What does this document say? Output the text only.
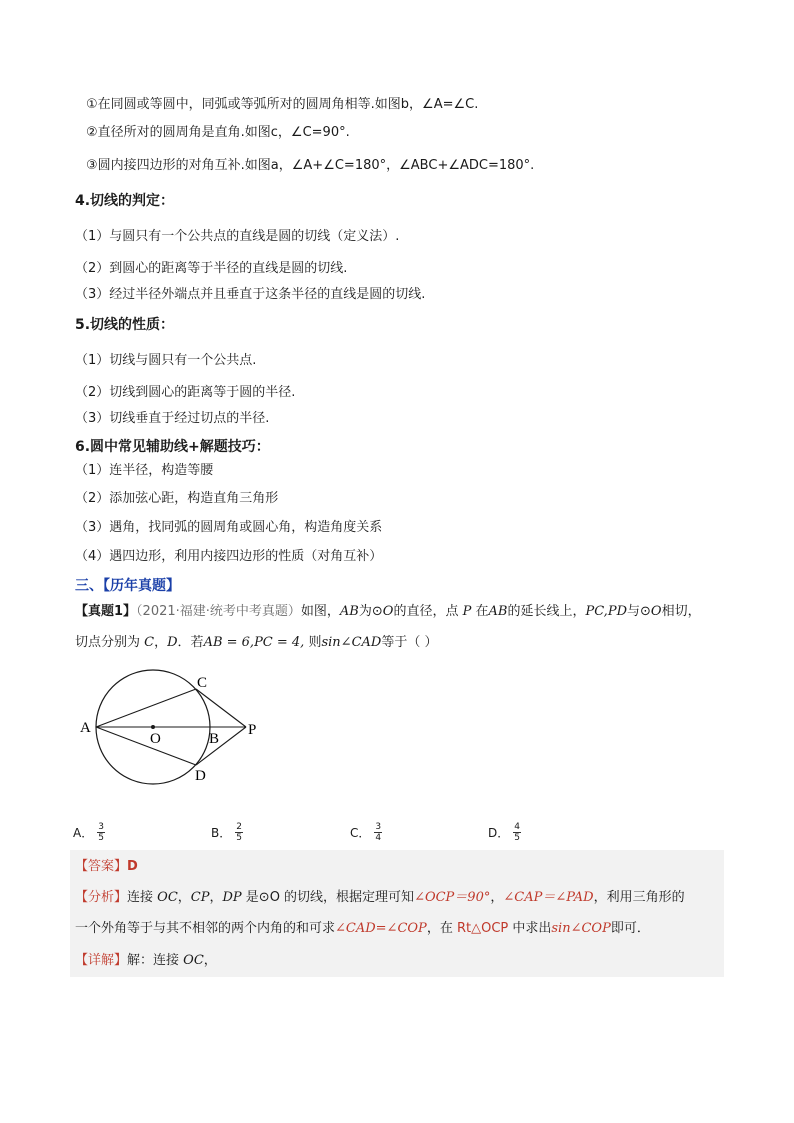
①在同圆或等圆中，同弧或等弧所对的圆周角相等.如图b，∠A=∠C.
②直径所对的圆周角是直角.如图c，∠C=90°.
③圆内接四边形的对角互补.如图a，∠A+∠C=180°，∠ABC+∠ADC=180°.
4.切线的判定：
（1）与圆只有一个公共点的直线是圆的切线（定义法）.
（2）到圆心的距离等于半径的直线是圆的切线.
（3）经过半径外端点并且垂直于这条半径的直线是圆的切线.
5.切线的性质：
（1）切线与圆只有一个公共点.
（2）切线到圆心的距离等于圆的半径.
（3）切线垂直于经过切点的半径.
6.圆中常见辅助线+解题技巧：
（1）连半径，构造等腰
（2）添加弦心距，构造直角三角形
（3）遇角，找同弧的圆周角或圆心角，构造角度关系
（4）遇四边形，利用内接四边形的性质（对角互补）
三、【历年真题】
【真题1】（2021·福建·统考中考真题）如图，AB为⊙O的直径，点 P 在AB的延长线上，PC,PD与⊙O相切，
切点分别为 C，D．若AB = 6,PC = 4, 则sin∠CAD等于（ ）
A
O	B
P
C
D
A． $\frac{3}{5}$	B． $\frac{2}{5}$	C． $\frac{3}{4}$	D． $\frac{4}{5}$
【答案】D
【分析】连接 OC，CP，DP 是⊙O 的切线，根据定理可知∠OCP＝90°，∠CAP＝∠PAD，利用三角形的
一个外角等于与其不相邻的两个内角的和可求∠CAD=∠COP，在 Rt△OCP 中求出sin∠COP即可．
【详解】解：连接 OC，
